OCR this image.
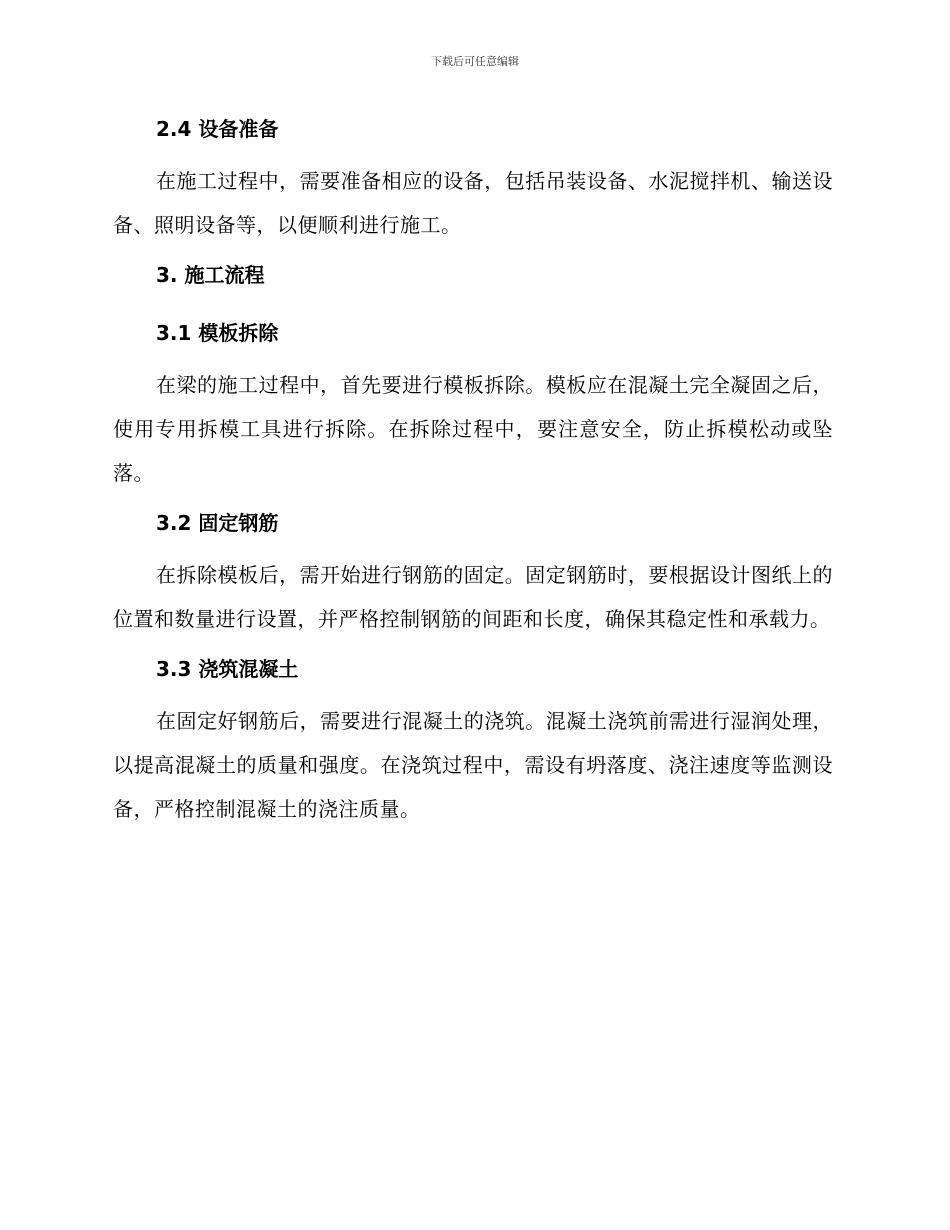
下载后可任意编辑
2.4 设备准备

在施工过程中，需要准备相应的设备，包括吊装设备、水泥搅拌机、输送设备、照明设备等，以便顺利进行施工。

3. 施工流程
3.1 模板拆除

在梁的施工过程中，首先要进行模板拆除。模板应在混凝土完全凝固之后，使用专用拆模工具进行拆除。在拆除过程中，要注意安全，防止拆模松动或坠落。

3.2 固定钢筋

在拆除模板后，需开始进行钢筋的固定。固定钢筋时，要根据设计图纸上的位置和数量进行设置，并严格控制钢筋的间距和长度，确保其稳定性和承载力。

3.3 浇筑混凝土

在固定好钢筋后，需要进行混凝土的浇筑。混凝土浇筑前需进行湿润处理，以提高混凝土的质量和强度。在浇筑过程中，需设有坍落度、浇注速度等监测设备，严格控制混凝土的浇注质量。
